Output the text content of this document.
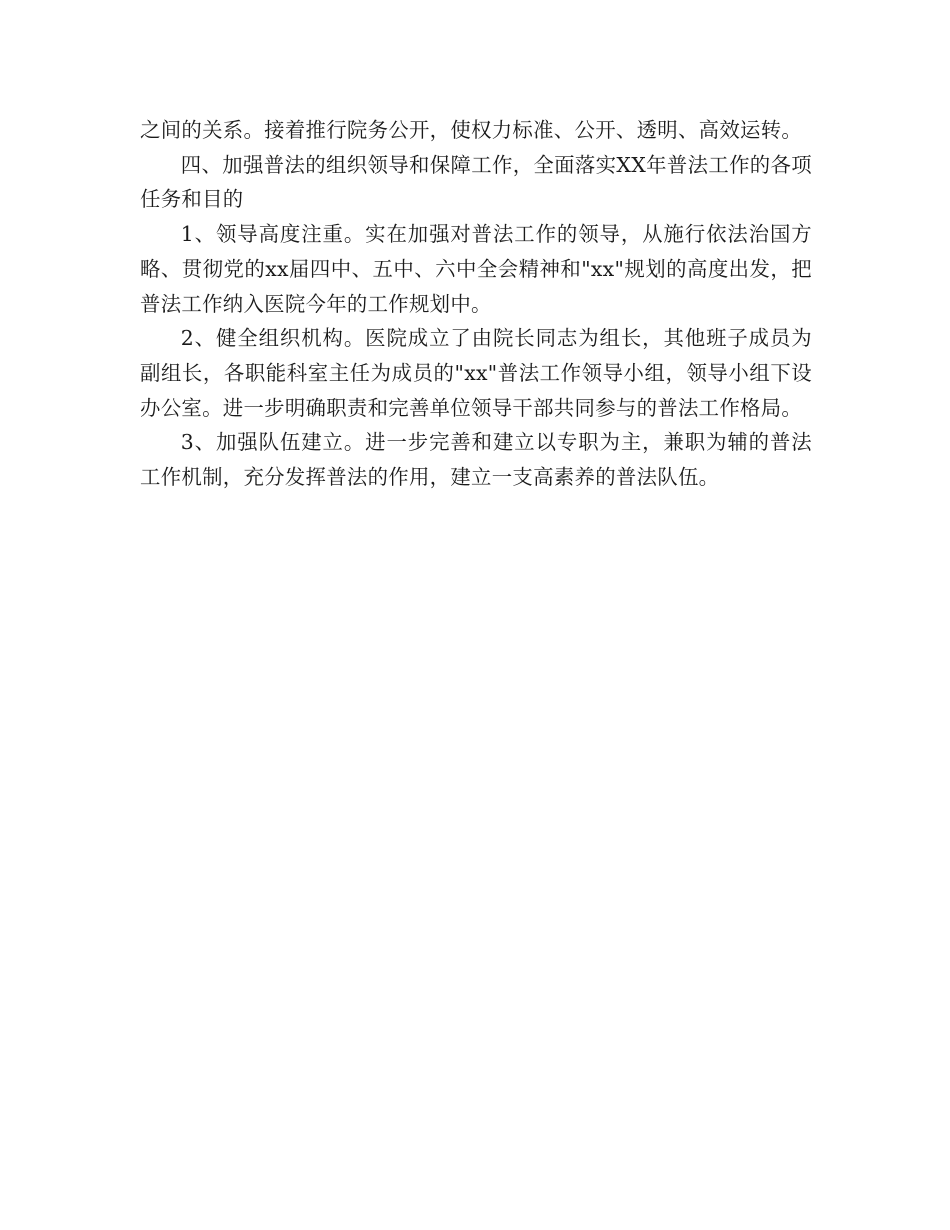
之间的关系。接着推行院务公开，使权力标准、公开、透明、高效运转。

四、加强普法的组织领导和保障工作，全面落实XX年普法工作的各项任务和目的

1、领导高度注重。实在加强对普法工作的领导，从施行依法治国方略、贯彻党的xx届四中、五中、六中全会精神和"xx"规划的高度出发，把普法工作纳入医院今年的工作规划中。

2、健全组织机构。医院成立了由院长同志为组长，其他班子成员为副组长，各职能科室主任为成员的"xx"普法工作领导小组，领导小组下设办公室。进一步明确职责和完善单位领导干部共同参与的普法工作格局。

3、加强队伍建立。进一步完善和建立以专职为主，兼职为辅的普法工作机制，充分发挥普法的作用，建立一支高素养的普法队伍。
